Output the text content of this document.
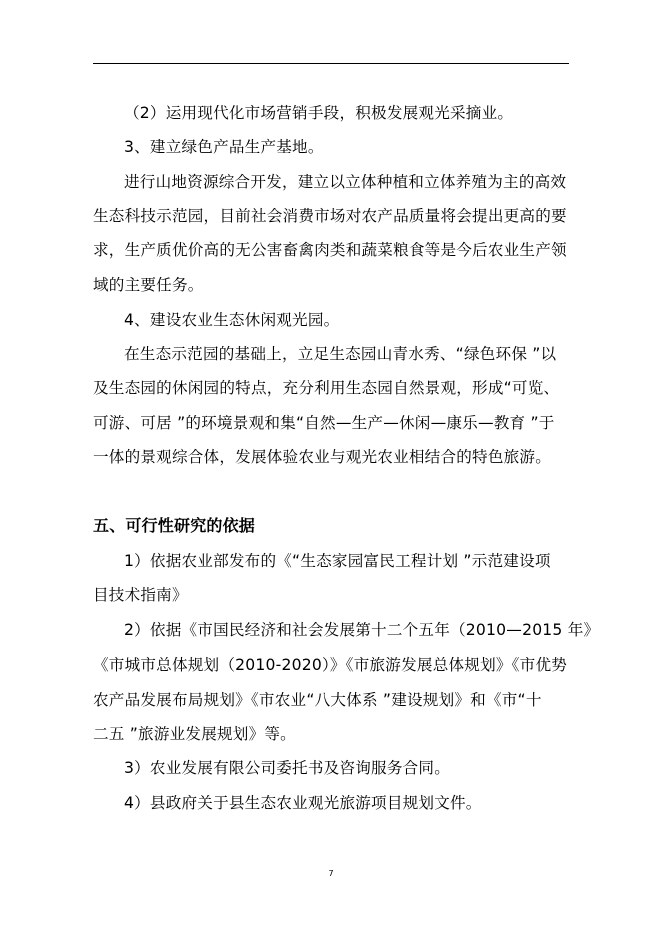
（2）运用现代化市场营销手段，积极发展观光采摘业。
3、建立绿色产品生产基地。
进行山地资源综合开发，建立以立体种植和立体养殖为主的高效
生态科技示范园，目前社会消费市场对农产品质量将会提出更高的要
求，生产质优价高的无公害畜禽肉类和蔬菜粮食等是今后农业生产领
域的主要任务。
4、建设农业生态休闲观光园。
在生态示范园的基础上，立足生态园山青水秀、“绿色环保 ”以
及生态园的休闲园的特点，充分利用生态园自然景观，形成“可览、
可游、可居 ”的环境景观和集“自然—生产—休闲—康乐—教育 ”于
一体的景观综合体，发展体验农业与观光农业相结合的特色旅游。
五、可行性研究的依据
1）依据农业部发布的《“生态家园富民工程计划 ”示范建设项
目技术指南》
2）依据《市国民经济和社会发展第十二个五年（2010—2015 年》
《市城市总体规划（2010-2020）》《市旅游发展总体规划》《市优势
农产品发展布局规划》《市农业“八大体系 ”建设规划》和《市“十
二五 ”旅游业发展规划》等。
3）农业发展有限公司委托书及咨询服务合同。
4）县政府关于县生态农业观光旅游项目规划文件。
7
